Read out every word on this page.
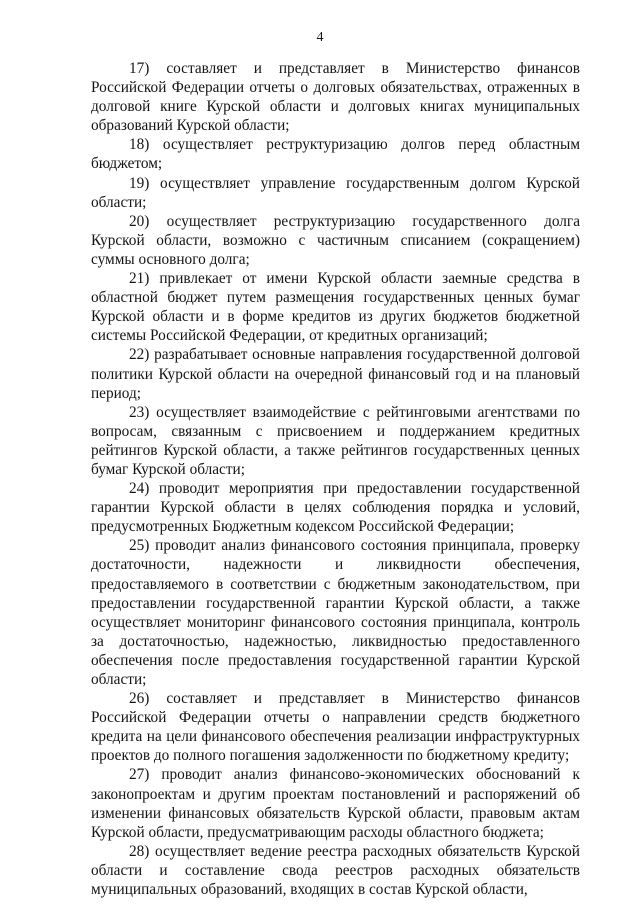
4

17) составляет и представляет в Министерство финансов Российской Федерации отчеты о долговых обязательствах, отраженных в долговой книге Курской области и долговых книгах муниципальных образований Курской области;

18) осуществляет реструктуризацию долгов перед областным бюджетом;

19) осуществляет управление государственным долгом Курской области;

20) осуществляет реструктуризацию государственного долга Курской области, возможно с частичным списанием (сокращением) суммы основного долга;

21) привлекает от имени Курской области заемные средства в областной бюджет путем размещения государственных ценных бумаг Курской области и в форме кредитов из других бюджетов бюджетной системы Российской Федерации, от кредитных организаций;

22) разрабатывает основные направления государственной долговой политики Курской области на очередной финансовый год и на плановый период;

23) осуществляет взаимодействие с рейтинговыми агентствами по вопросам, связанным с присвоением и поддержанием кредитных рейтингов Курской области, а также рейтингов государственных ценных бумаг Курской области;

24) проводит мероприятия при предоставлении государственной гарантии Курской области в целях соблюдения порядка и условий, предусмотренных Бюджетным кодексом Российской Федерации;

25) проводит анализ финансового состояния принципала, проверку достаточности, надежности и ликвидности обеспечения, предоставляемого в соответствии с бюджетным законодательством, при предоставлении государственной гарантии Курской области, а также осуществляет мониторинг финансового состояния принципала, контроль за достаточностью, надежностью, ликвидностью предоставленного обеспечения после предоставления государственной гарантии Курской области;

26) составляет и представляет в Министерство финансов Российской Федерации отчеты о направлении средств бюджетного кредита на цели финансового обеспечения реализации инфраструктурных проектов до полного погашения задолженности по бюджетному кредиту;

27) проводит анализ финансово-экономических обоснований к законопроектам и другим проектам постановлений и распоряжений об изменении финансовых обязательств Курской области, правовым актам Курской области, предусматривающим расходы областного бюджета;

28) осуществляет ведение реестра расходных обязательств Курской области и составление свода реестров расходных обязательств муниципальных образований, входящих в состав Курской области,
